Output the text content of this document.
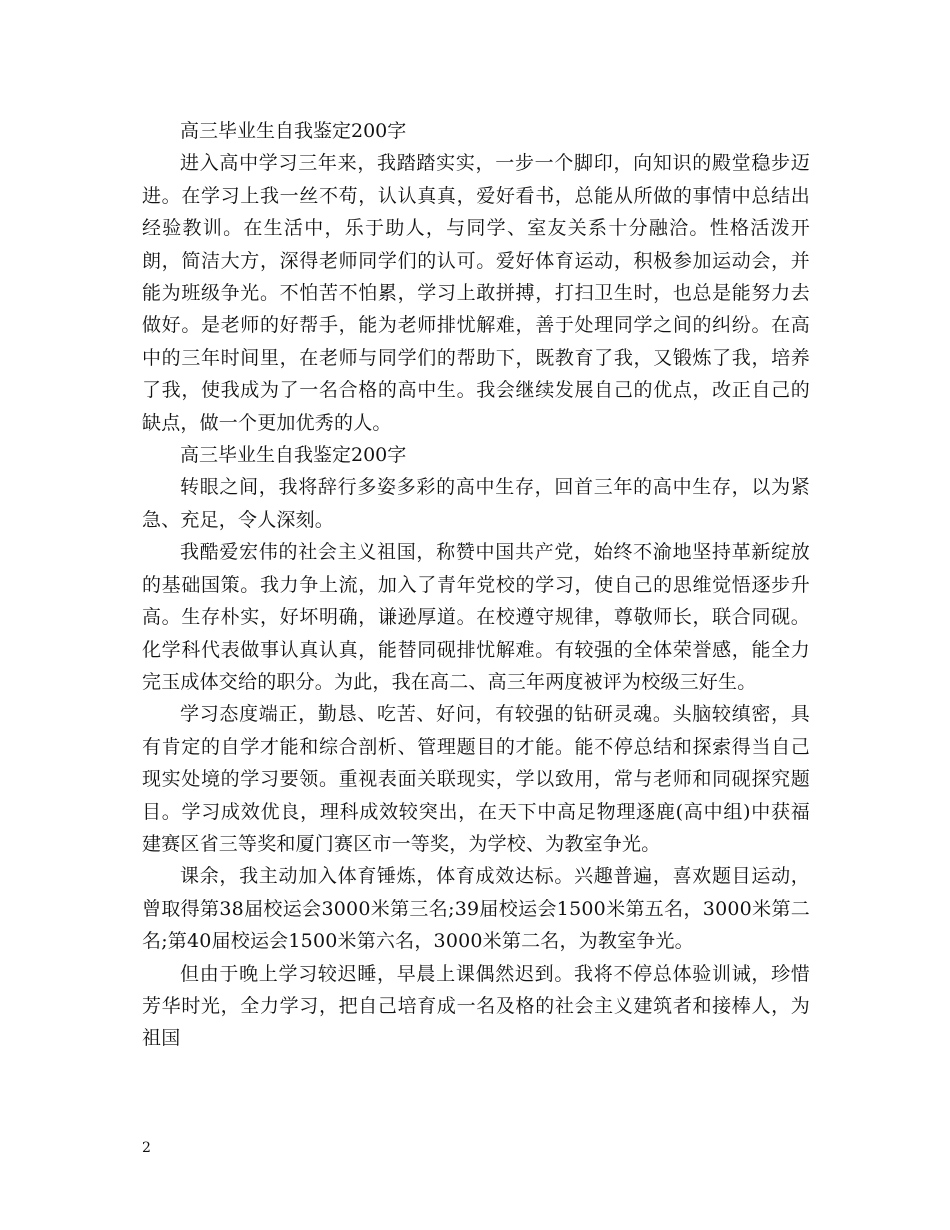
高三毕业生自我鉴定200字

进入高中学习三年来，我踏踏实实，一步一个脚印，向知识的殿堂稳步迈进。在学习上我一丝不苟，认认真真，爱好看书，总能从所做的事情中总结出经验教训。在生活中，乐于助人，与同学、室友关系十分融洽。性格活泼开朗，简洁大方，深得老师同学们的认可。爱好体育运动，积极参加运动会，并能为班级争光。不怕苦不怕累，学习上敢拼搏，打扫卫生时，也总是能努力去做好。是老师的好帮手，能为老师排忧解难，善于处理同学之间的纠纷。在高中的三年时间里，在老师与同学们的帮助下，既教育了我，又锻炼了我，培养了我，使我成为了一名合格的高中生。我会继续发展自己的优点，改正自己的缺点，做一个更加优秀的人。

高三毕业生自我鉴定200字

转眼之间，我将辞行多姿多彩的高中生存，回首三年的高中生存，以为紧急、充足，令人深刻。

我酷爱宏伟的社会主义祖国，称赞中国共产党，始终不渝地坚持革新绽放的基础国策。我力争上流，加入了青年党校的学习，使自己的思维觉悟逐步升高。生存朴实，好坏明确，谦逊厚道。在校遵守规律，尊敬师长，联合同砚。化学科代表做事认真认真，能替同砚排忧解难。有较强的全体荣誉感，能全力完玉成体交给的职分。为此，我在高二、高三年两度被评为校级三好生。

学习态度端正，勤恳、吃苦、好问，有较强的钻研灵魂。头脑较缜密，具有肯定的自学才能和综合剖析、管理题目的才能。能不停总结和探索得当自己现实处境的学习要领。重视表面关联现实，学以致用，常与老师和同砚探究题目。学习成效优良，理科成效较突出，在天下中高足物理逐鹿(高中组)中获福建赛区省三等奖和厦门赛区市一等奖，为学校、为教室争光。

课余，我主动加入体育锤炼，体育成效达标。兴趣普遍，喜欢题目运动，曾取得第38届校运会3000米第三名;39届校运会1500米第五名，3000米第二名;第40届校运会1500米第六名，3000米第二名，为教室争光。

但由于晚上学习较迟睡，早晨上课偶然迟到。我将不停总体验训诫，珍惜芳华时光，全力学习，把自己培育成一名及格的社会主义建筑者和接棒人，为祖国

2
